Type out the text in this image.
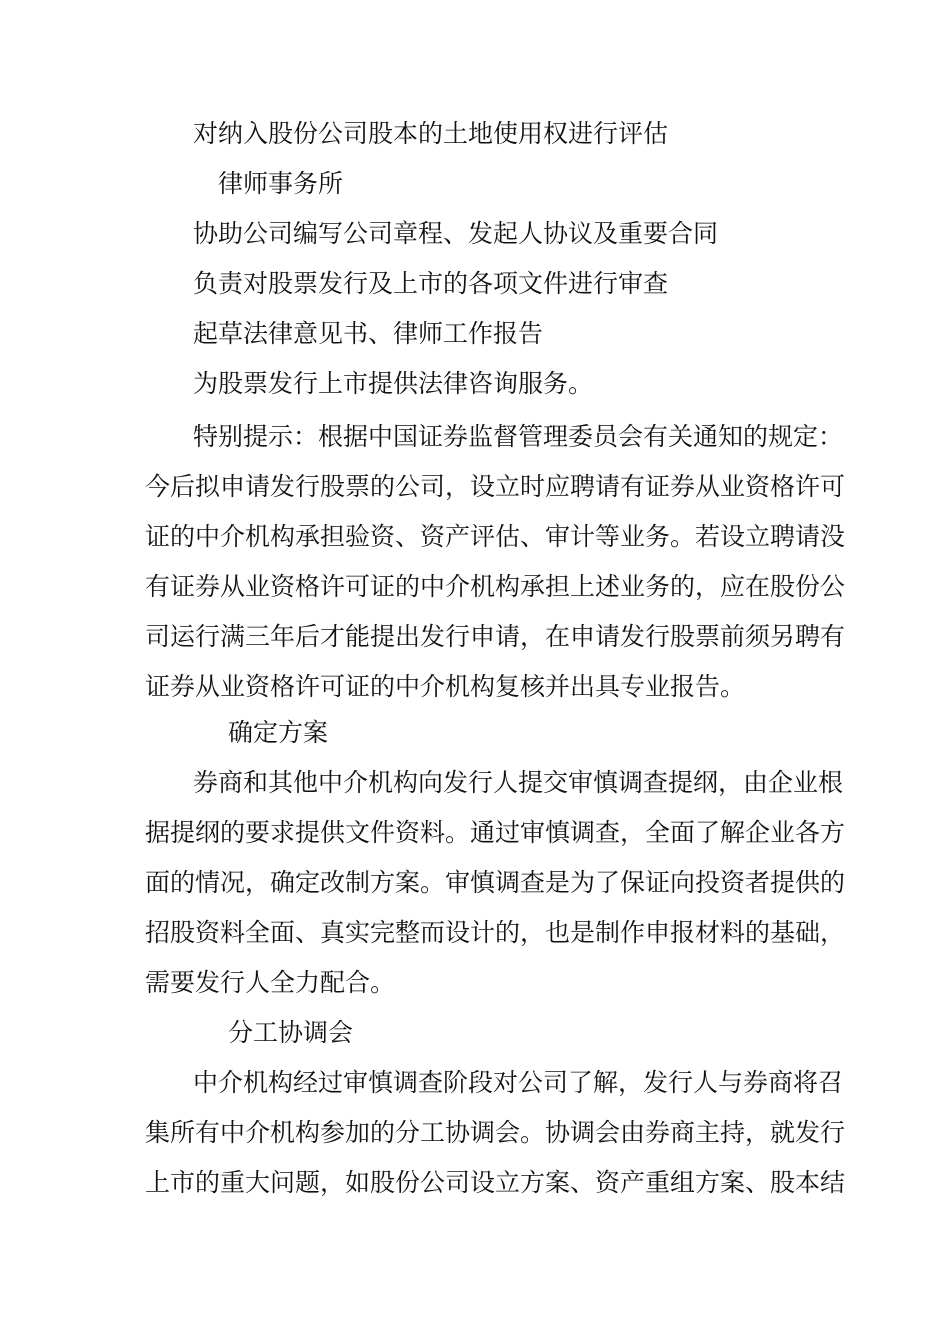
对纳入股份公司股本的土地使用权进行评估
律师事务所
协助公司编写公司章程、发起人协议及重要合同
负责对股票发行及上市的各项文件进行审查
起草法律意见书、律师工作报告
为股票发行上市提供法律咨询服务。
特别提示：根据中国证券监督管理委员会有关通知的规定：
今后拟申请发行股票的公司，设立时应聘请有证券从业资格许可
证的中介机构承担验资、资产评估、审计等业务。若设立聘请没
有证券从业资格许可证的中介机构承担上述业务的，应在股份公
司运行满三年后才能提出发行申请，在申请发行股票前须另聘有
证券从业资格许可证的中介机构复核并出具专业报告。
确定方案
券商和其他中介机构向发行人提交审慎调查提纲，由企业根
据提纲的要求提供文件资料。通过审慎调查，全面了解企业各方
面的情况，确定改制方案。审慎调查是为了保证向投资者提供的
招股资料全面、真实完整而设计的，也是制作申报材料的基础，
需要发行人全力配合。
分工协调会
中介机构经过审慎调查阶段对公司了解，发行人与券商将召
集所有中介机构参加的分工协调会。协调会由券商主持，就发行
上市的重大问题，如股份公司设立方案、资产重组方案、股本结
